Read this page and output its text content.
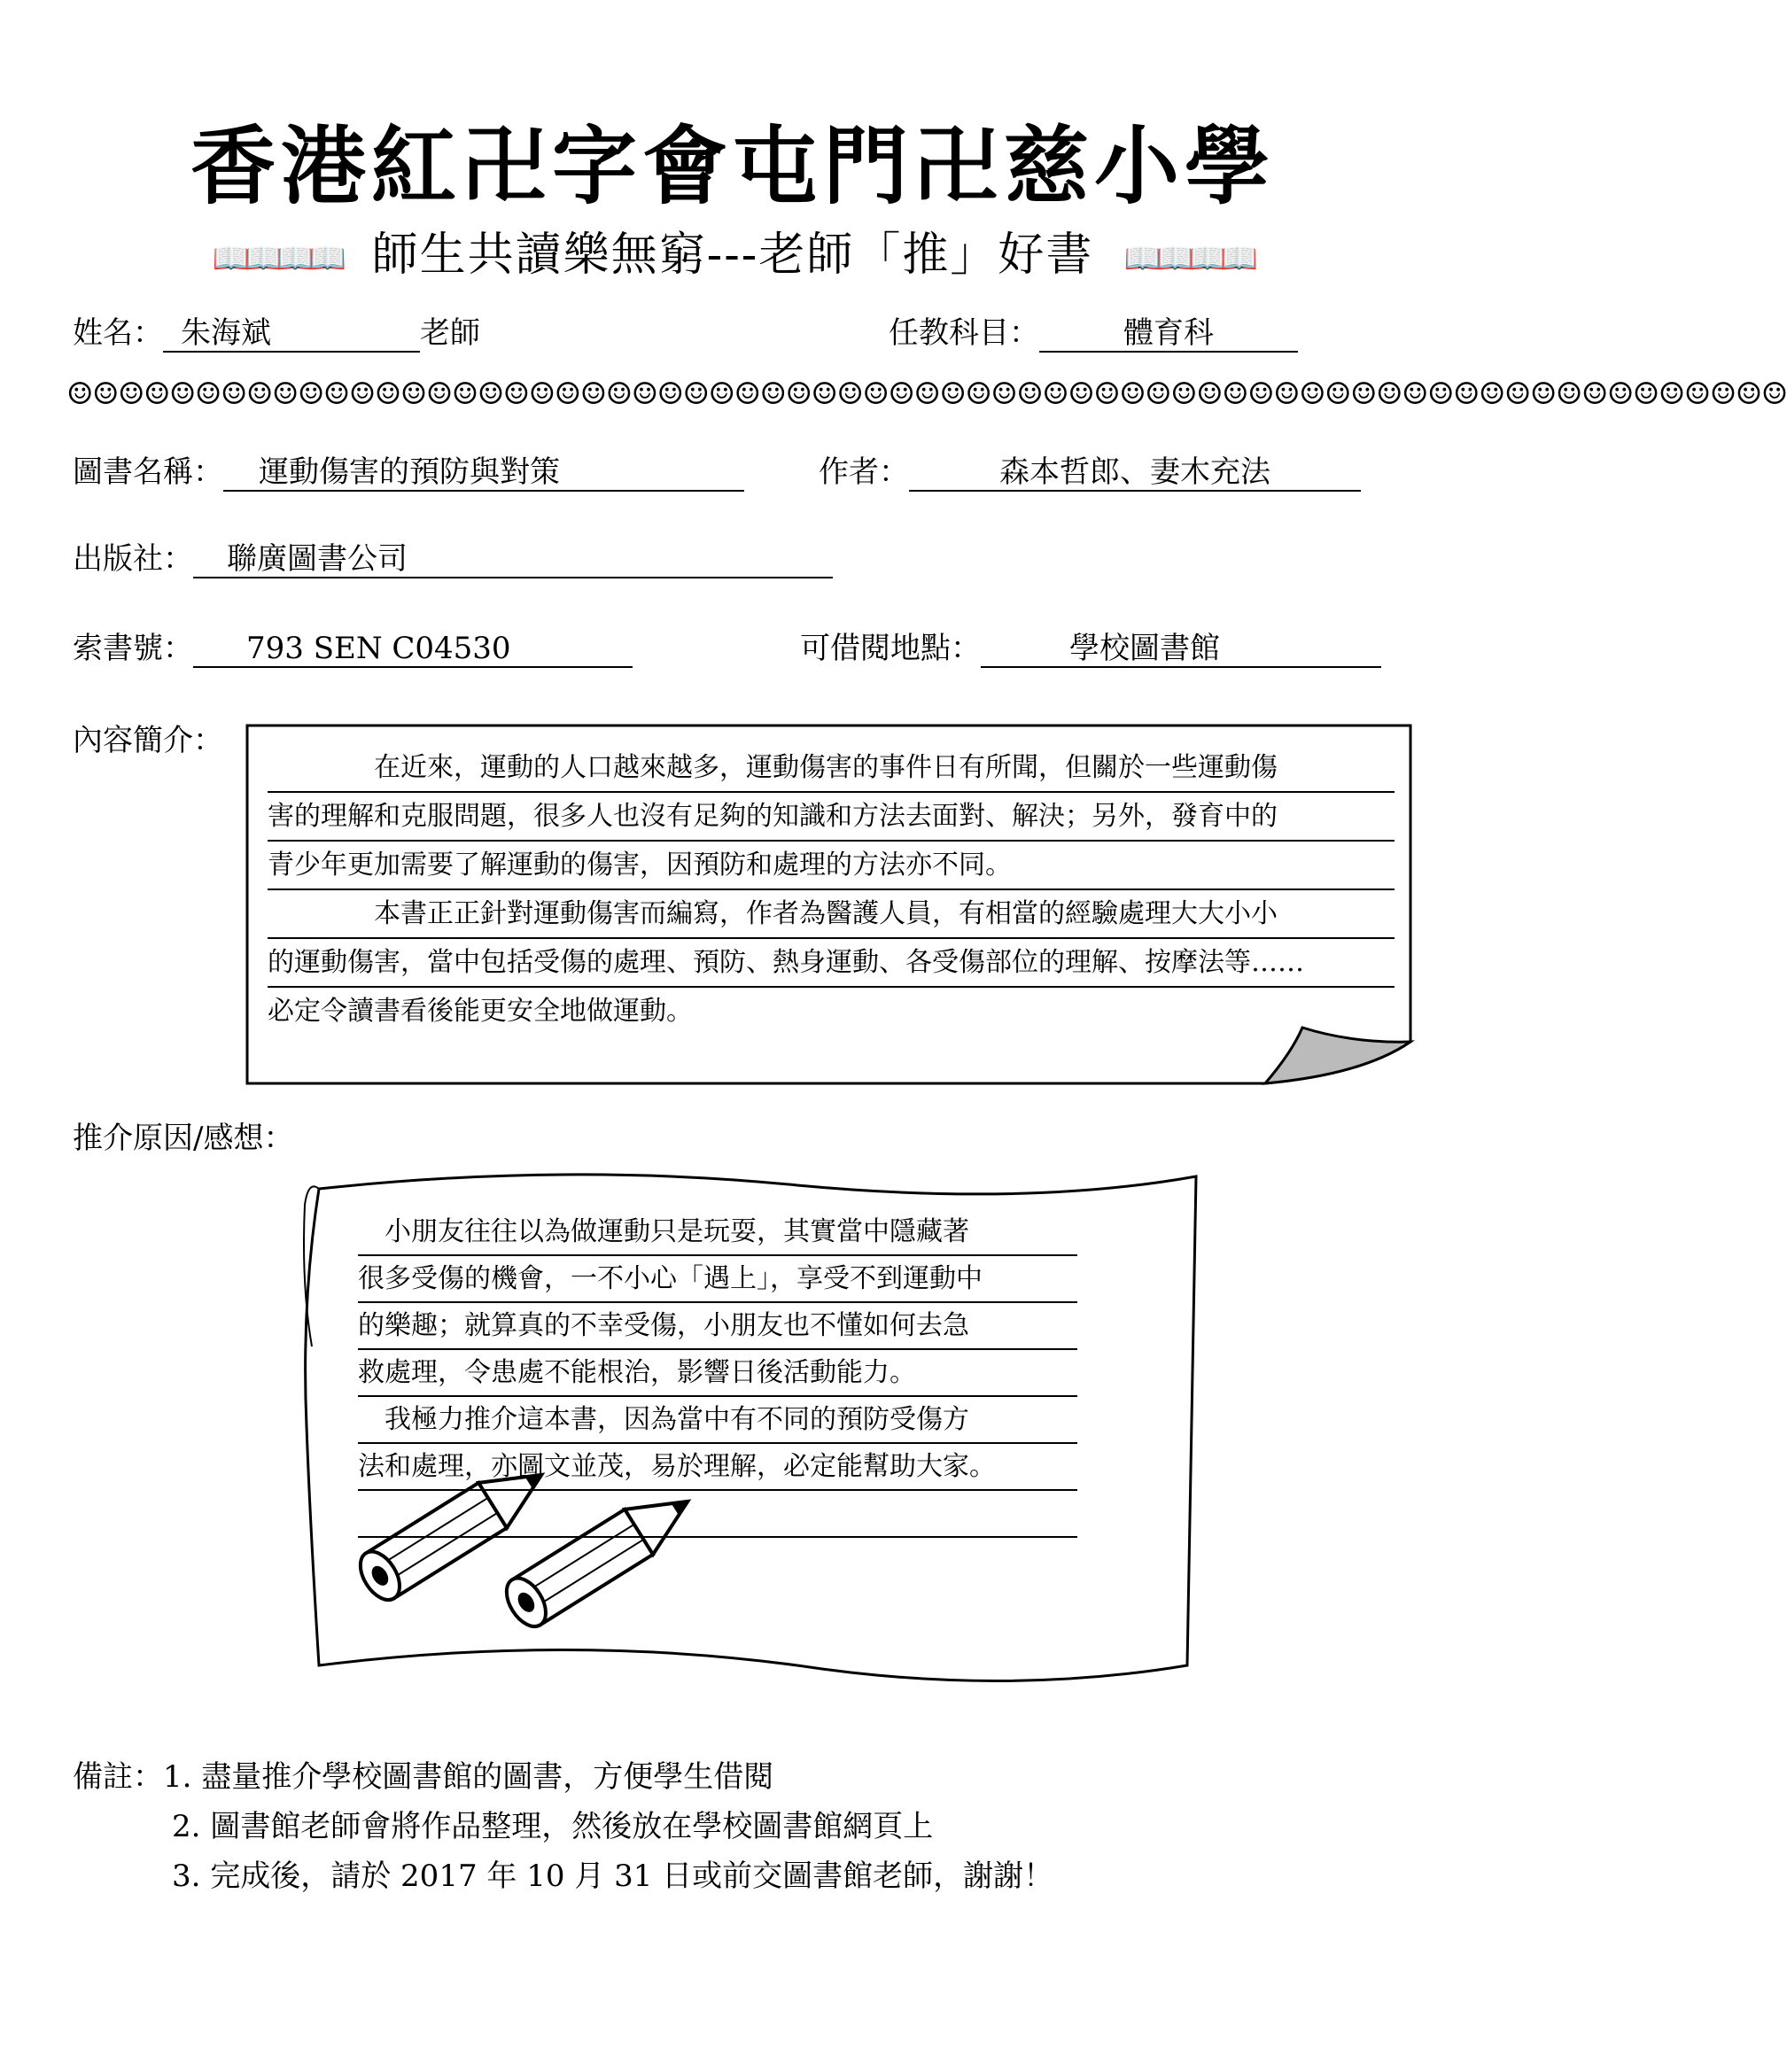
香港紅卍字會屯門卍慈小學
📖📖📖📖 師生共讀樂無窮---老師「推」好書 📖📖📖📖
姓名： 朱海斌	老師	任教科目：	體育科
☺☺☺☺☺☺☺☺☺☺☺☺☺☺☺☺☺☺☺☺☺☺☺☺☺☺☺☺☺☺☺☺☺☺☺☺☺☺☺☺☺☺☺☺☺☺☺☺☺☺☺☺☺☺☺☺☺☺☺☺☺☺☺☺☺☺☺
圖書名稱： 運動傷害的預防與對策	作者：	森本哲郎、妻木充法
出版社： 聯廣圖書公司
索書號： 793 SEN C04530	可借閱地點：	學校圖書館
內容簡介：
　　　　在近來，運動的人口越來越多，運動傷害的事件日有所聞，但關於一些運動傷
害的理解和克服問題，很多人也沒有足夠的知識和方法去面對、解決；另外，發育中的
青少年更加需要了解運動的傷害，因預防和處理的方法亦不同。
　　　　本書正正針對運動傷害而編寫，作者為醫護人員，有相當的經驗處理大大小小
的運動傷害，當中包括受傷的處理、預防、熱身運動、各受傷部位的理解、按摩法等……
必定令讀書看後能更安全地做運動。
推介原因/感想：
　小朋友往往以為做運動只是玩耍，其實當中隱藏著
很多受傷的機會，一不小心「遇上」，享受不到運動中
的樂趣；就算真的不幸受傷，小朋友也不懂如何去急
救處理，令患處不能根治，影響日後活動能力。
　我極力推介這本書，因為當中有不同的預防受傷方
法和處理，亦圖文並茂，易於理解，必定能幫助大家。
備註：1. 盡量推介學校圖書館的圖書，方便學生借閱
2. 圖書館老師會將作品整理，然後放在學校圖書館網頁上
3. 完成後，請於 2017 年 10 月 31 日或前交圖書館老師，謝謝！
